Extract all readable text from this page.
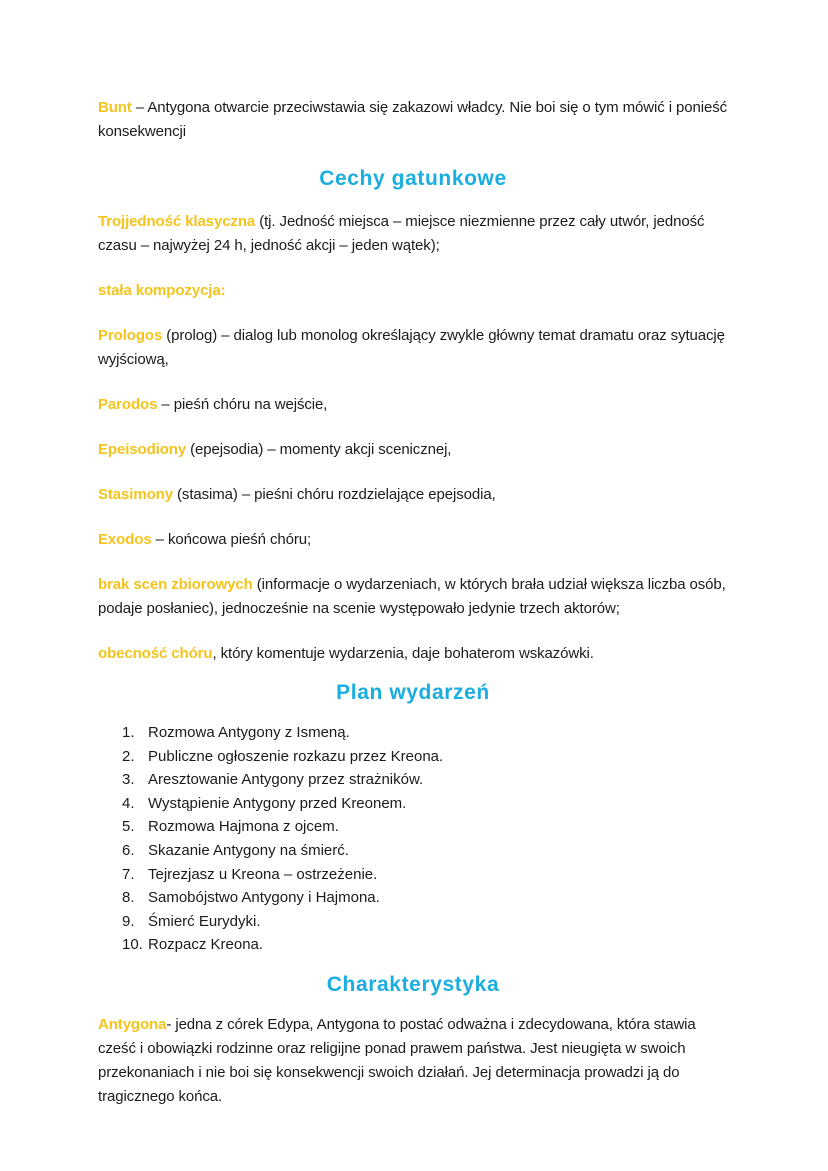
Bunt – Antygona otwarcie przeciwstawia się zakazowi władcy. Nie boi się o tym mówić i ponieść konsekwencji

Cechy gatunkowe

Trojjedność klasyczna (tj. Jedność miejsca – miejsce niezmienne przez cały utwór, jedność czasu – najwyżej 24 h, jedność akcji – jeden wątek);

stała kompozycja:

Prologos (prolog) – dialog lub monolog określający zwykle główny temat dramatu oraz sytuację wyjściową,

Parodos – pieśń chóru na wejście,

Epeisodiony (epejsodia) – momenty akcji scenicznej,

Stasimony (stasima) – pieśni chóru rozdzielające epejsodia,

Exodos – końcowa pieśń chóru;

brak scen zbiorowych (informacje o wydarzeniach, w których brała udział większa liczba osób, podaje posłaniec), jednocześnie na scenie występowało jedynie trzech aktorów;

obecność chóru, który komentuje wydarzenia, daje bohaterom wskazówki.

Plan wydarzeń
1. Rozmowa Antygony z Ismeną.
2. Publiczne ogłoszenie rozkazu przez Kreona.
3. Aresztowanie Antygony przez strażników.
4. Wystąpienie Antygony przed Kreonem.
5. Rozmowa Hajmona z ojcem.
6. Skazanie Antygony na śmierć.
7. Tejrezjasz u Kreona – ostrzeżenie.
8. Samobójstwo Antygony i Hajmona.
9. Śmierć Eurydyki.
10. Rozpacz Kreona.
Charakterystyka

Antygona- jedna z córek Edypa, Antygona to postać odważna i zdecydowana, która stawia cześć i obowiązki rodzinne oraz religijne ponad prawem państwa. Jest nieugięta w swoich przekonaniach i nie boi się konsekwencji swoich działań. Jej determinacja prowadzi ją do tragicznego końca.
